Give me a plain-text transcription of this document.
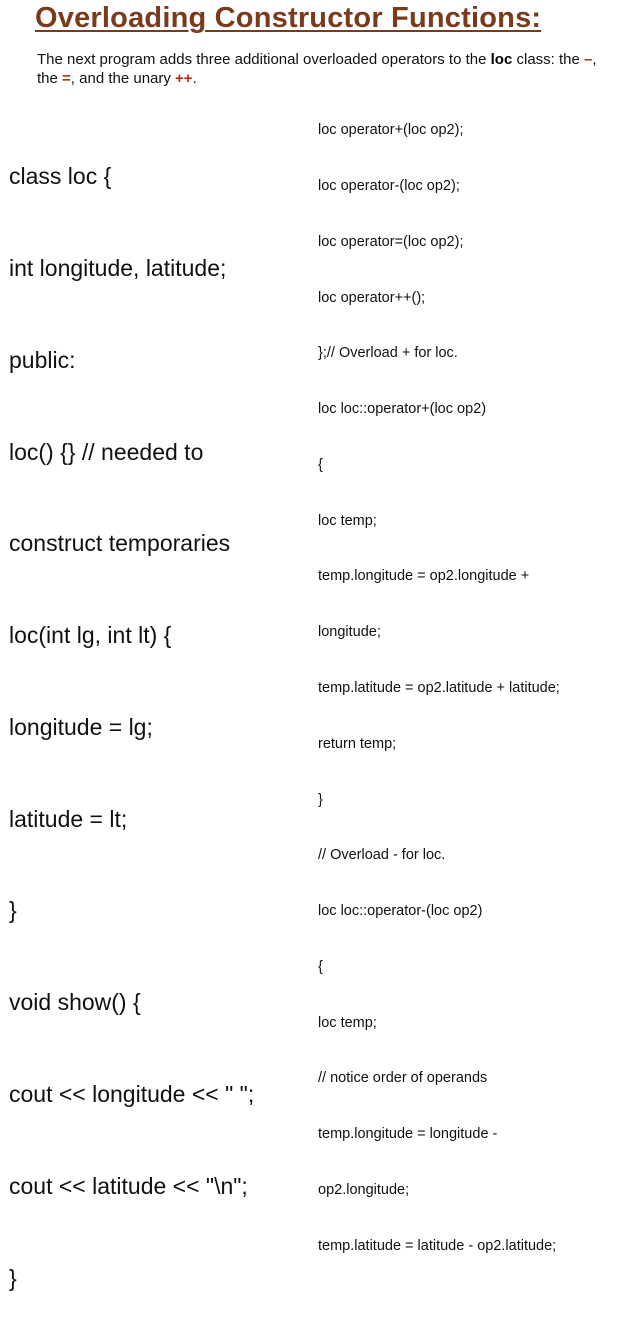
Overloading Constructor Functions:
The next program adds three additional overloaded operators to the loc class: the –, the =, and the unary ++.

class loc {

int longitude, latitude;

public:

loc() {} // needed to

construct temporaries

loc(int lg, int lt) {

longitude = lg;

latitude = lt;

}

void show() {

cout << longitude << " ";

cout << latitude << "\n";

}

loc operator+(loc op2);

loc operator-(loc op2);

loc operator=(loc op2);

loc operator++();

};// Overload + for loc.

loc loc::operator+(loc op2)

{

loc temp;

temp.longitude = op2.longitude +

longitude;

temp.latitude = op2.latitude + latitude;

return temp;

}

// Overload - for loc.

loc loc::operator-(loc op2)

{

loc temp;

// notice order of operands

temp.longitude = longitude -

op2.longitude;

temp.latitude = latitude - op2.latitude;
